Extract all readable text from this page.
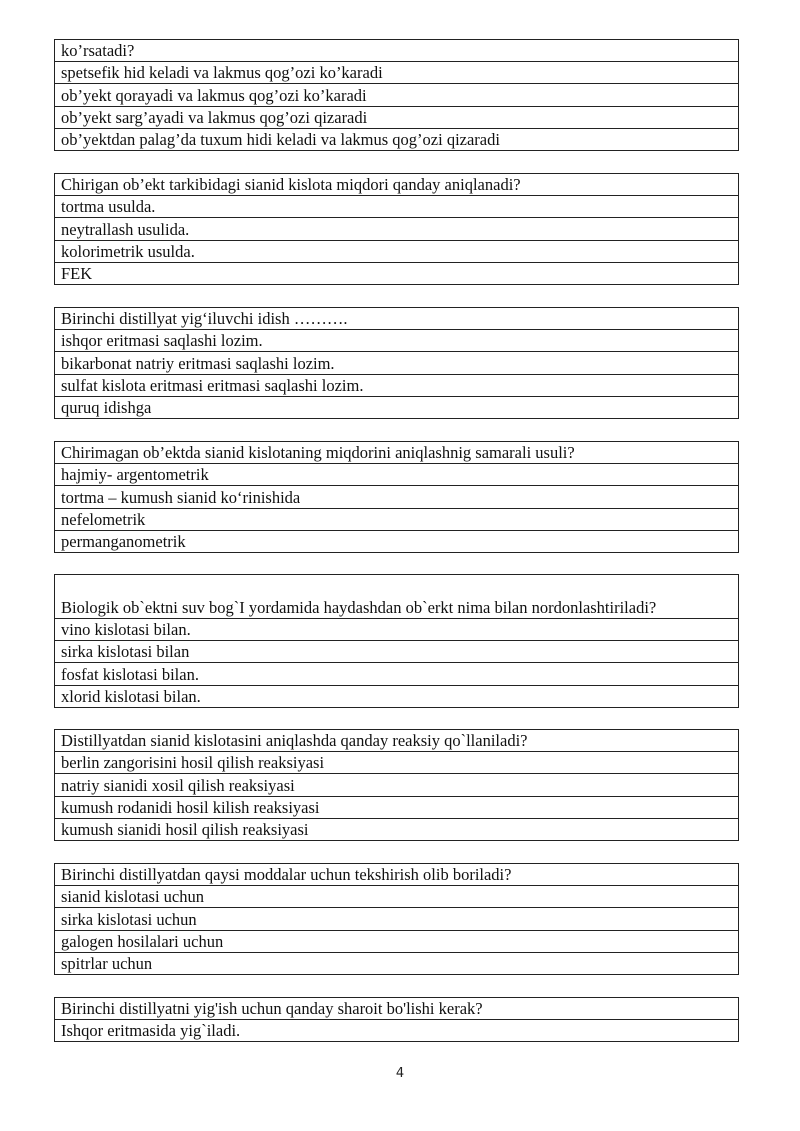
ko’rsatadi?
spetsefik hid keladi va lakmus qog’ozi ko’karadi
ob’yekt qorayadi va lakmus qog’ozi ko’karadi
ob’yekt sarg’ayadi va lakmus qog’ozi qizaradi
ob’yektdan palag’da tuxum hidi keladi va lakmus qog’ozi qizaradi
Chirigan ob’ekt tarkibidagi sianid kislota miqdori qanday aniqlanadi?
tortma usulda.
neytrallash usulida.
kolorimetrik usulda.
FEK
Birinchi distillyat yig‘iluvchi idish ……….
ishqor eritmasi saqlashi lozim.
bikarbonat natriy eritmasi saqlashi lozim.
sulfat kislota eritmasi eritmasi saqlashi lozim.
quruq idishga
Chirimagan ob’ektda sianid kislotaning miqdorini aniqlashnig samarali usuli?
hajmiy- argentometrik
tortma – kumush sianid ko‘rinishida
nefelometrik
permanganometrik
Biologik ob`ektni suv bog`I yordamida haydashdan ob`erkt nima bilan nordonlashtiriladi?
vino kislotasi bilan.
sirka kislotasi bilan
fosfat kislotasi bilan.
xlorid kislotasi bilan.
Distillyatdan sianid kislotasini aniqlashda qanday reaksiy qo`llaniladi?
berlin zangorisini hosil qilish reaksiyasi
natriy sianidi xosil qilish reaksiyasi
kumush rodanidi hosil kilish reaksiyasi
kumush sianidi hosil qilish reaksiyasi
Birinchi distillyatdan qaysi moddalar uchun tekshirish olib boriladi?
sianid kislotasi uchun
sirka kislotasi uchun
galogen hosilalari uchun
spitrlar uchun
Birinchi distillyatni yig'ish uchun qanday sharoit bo'lishi kerak?
Ishqor eritmasida yig`iladi.
4
